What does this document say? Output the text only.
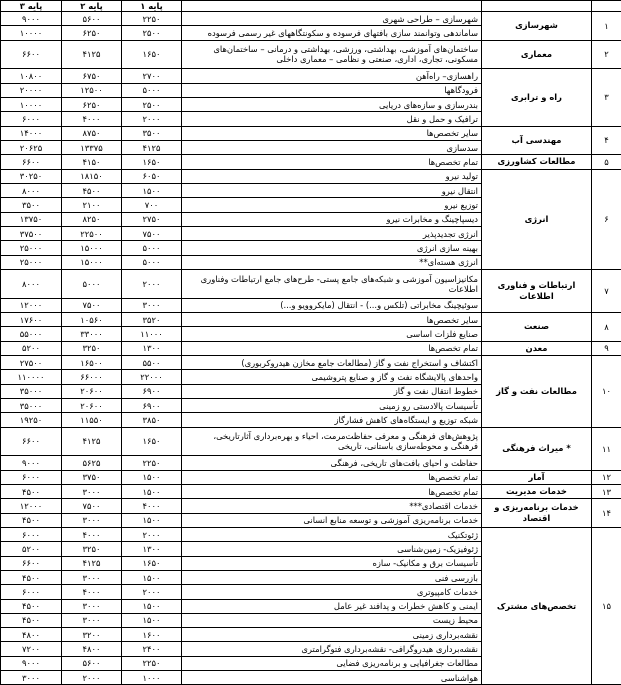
			پایه ۱	پایه ۲	پایه ۳
۱	شهرسازی	شهرسازی – طراحی شهری	۲۲۵۰	۵۶۰۰	۹۰۰۰
		ساماندهی وتوانمند سازی بافتهای فرسوده و سکونتگاههای غیر رسمی فرسوده	۲۵۰۰	۶۲۵۰	۱۰۰۰۰
۲	معماری	ساختمان‌های آموزشی، بهداشتی، ورزشی، بهداشتی و درمانی – ساختمان‌های مسکونی، تجاری، اداری، صنعتی و نظامی – معماری داخلی	۱۶۵۰	۴۱۲۵	۶۶۰۰
۳	راه و ترابری	راهسازی– راه‌آهن	۲۷۰۰	۶۷۵۰	۱۰۸۰۰
		فرودگاهها	۵۰۰۰	۱۲۵۰۰	۲۰۰۰۰
		بندرسازی و سازه‌های دریایی	۲۵۰۰	۶۲۵۰	۱۰۰۰۰
		ترافیک و حمل و نقل	۲۰۰۰	۴۰۰۰	۶۰۰۰
۴	مهندسی آب	سایر تخصص‌ها	۳۵۰۰	۸۷۵۰	۱۴۰۰۰
		سدسازی	۴۱۲۵	۱۳۳۷۵	۲۰۶۲۵
۵	مطالعات کشاورزی	تمام تخصص‌ها	۱۶۵۰	۴۱۵۰	۶۶۰۰
۶	انرژی	تولید نیرو	۶۰۵۰	۱۸۱۵۰	۳۰۲۵۰
		انتقال نیرو	۱۵۰۰	۴۵۰۰	۸۰۰۰
		توزیع نیرو	۷۰۰	۲۱۰۰	۳۵۰۰
		دیسپاچینگ و مخابرات نیرو	۲۷۵۰	۸۲۵۰	۱۳۷۵۰
		انرژی تجدیدپذیر	۷۵۰۰	۲۲۵۰۰	۳۷۵۰۰
		بهینه سازی انرژی	۵۰۰۰	۱۵۰۰۰	۲۵۰۰۰
		انرژی هسته‌ای**	۵۰۰۰	۱۵۰۰۰	۲۵۰۰۰
۷	ارتباطات و فناوری اطلاعات	مکانیزاسیون آموزشی و شبکه‌های جامع پستی- طرح‌های جامع ارتباطات وفناوری اطلاعات	۲۰۰۰	۵۰۰۰	۸۰۰۰
		سوئیچینگ مخابراتی (تلکس و...) - انتقال (مایکروویو و...)	۳۰۰۰	۷۵۰۰	۱۲۰۰۰
۸	صنعت	سایر تخصص‌ها	۳۵۲۰	۱۰۵۶۰	۱۷۶۰۰
		صنایع فلزات اساسی	۱۱۰۰۰	۳۳۰۰۰	۵۵۰۰۰
۹	معدن	تمام تخصص‌ها	۱۳۰۰	۳۲۵۰	۵۲۰۰
۱۰	مطالعات نفت و گاز	اکتشاف و استخراج نفت و گاز (مطالعات جامع مخازن هیدروکربوری)	۵۵۰۰	۱۶۵۰۰	۲۷۵۰۰
		واحدهای پالایشگاه نفت و گاز و صنایع پتروشیمی	۲۲۰۰۰	۶۶۰۰۰	۱۱۰۰۰۰
		خطوط انتقال نفت و گاز	۶۹۰۰	۲۰۶۰۰	۳۵۰۰۰
		تأسیسات پالادستی رو زمینی	۶۹۰۰	۲۰۶۰۰	۳۵۰۰۰
		شبکه توزیع و ایستگاه‌های کاهش فشارگاز	۳۸۵۰	۱۱۵۵۰	۱۹۲۵۰
۱۱	* میراث فرهنگی	پژوهش‌های فرهنگی و معرفی حفاظت‌مرمت، احیاء و بهره‌برداری آثارتاریخی، فرهنگی و محوطه‌سازی باستانی، تاریخی	۱۶۵۰	۴۱۲۵	۶۶۰۰
		حفاظت و احیای بافت‌های تاریخی، فرهنگی	۲۲۵۰	۵۶۲۵	۹۰۰۰
۱۲	آمار	تمام تخصص‌ها	۱۵۰۰	۳۷۵۰	۶۰۰۰
۱۳	خدمات مدیریت	تمام تخصص‌ها	۱۵۰۰	۳۰۰۰	۴۵۰۰
۱۴	خدمات برنامه‌ریزی و اقتصاد	خدمات اقتصادی***	۴۰۰۰	۷۵۰۰	۱۲۰۰۰
		خدمات برنامه‌ریزی آموزشی و توسعه منابع انسانی	۱۵۰۰	۳۰۰۰	۴۵۰۰
۱۵	تخصص‌های مشترک	ژئوتکنیک	۲۰۰۰	۴۰۰۰	۶۰۰۰
		ژئوفیزیک- زمین‌شناسی	۱۳۰۰	۳۲۵۰	۵۲۰۰
		تأسیسات برق و مکانیک- سازه	۱۶۵۰	۴۱۲۵	۶۶۰۰
		بازرسی فنی	۱۵۰۰	۳۰۰۰	۴۵۰۰
		خدمات کامپیوتری	۲۰۰۰	۴۰۰۰	۶۰۰۰
		ایمنی و کاهش خطرات و پدافند غیر عامل	۱۵۰۰	۳۰۰۰	۴۵۰۰
		محیط زیست	۱۵۰۰	۳۰۰۰	۴۵۰۰
		نقشه‌برداری زمینی	۱۶۰۰	۳۲۰۰	۴۸۰۰
		نقشه‌برداری هیدروگرافی- نقشه‌برداری فتوگرامتری	۲۴۰۰	۴۸۰۰	۷۲۰۰
		مطالعات جغرافیایی و برنامه‌ریزی فضایی	۲۲۵۰	۵۶۰۰	۹۰۰۰
		هواشناسی	۱۰۰۰	۲۰۰۰	۳۰۰۰
